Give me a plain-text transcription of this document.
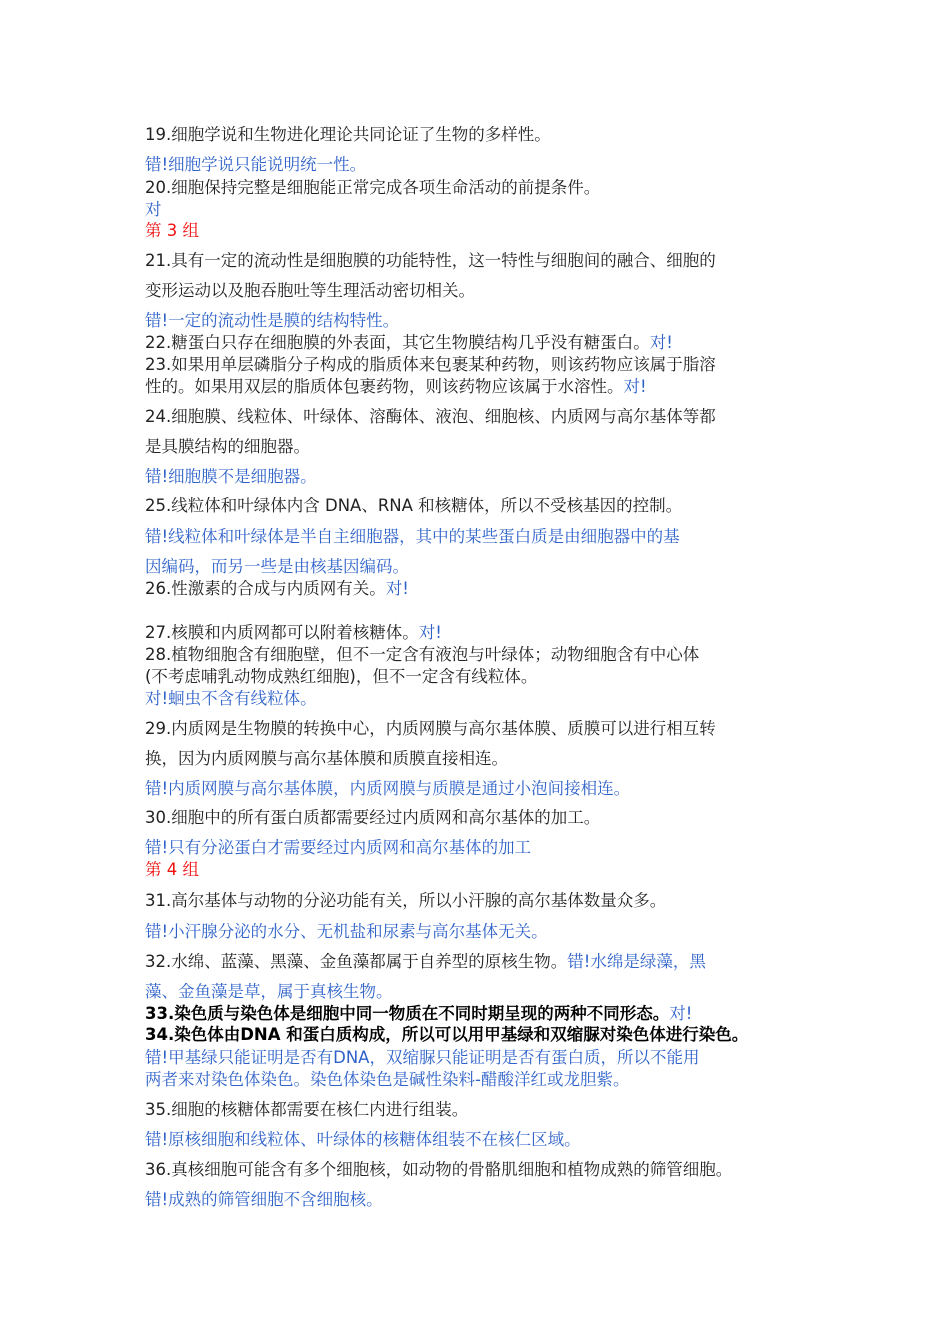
19.细胞学说和生物进化理论共同论证了生物的多样性。
错!细胞学说只能说明统一性。
20.细胞保持完整是细胞能正常完成各项生命活动的前提条件。
对
第 3 组
21.具有一定的流动性是细胞膜的功能特性，这一特性与细胞间的融合、细胞的
变形运动以及胞吞胞吐等生理活动密切相关。
错!一定的流动性是膜的结构特性。
22.糖蛋白只存在细胞膜的外表面，其它生物膜结构几乎没有糖蛋白。对!
23.如果用单层磷脂分子构成的脂质体来包裹某种药物，则该药物应该属于脂溶
性的。如果用双层的脂质体包裹药物，则该药物应该属于水溶性。对!
24.细胞膜、线粒体、叶绿体、溶酶体、液泡、细胞核、内质网与高尔基体等都
是具膜结构的细胞器。
错!细胞膜不是细胞器。
25.线粒体和叶绿体内含 DNA、RNA 和核糖体，所以不受核基因的控制。
错!线粒体和叶绿体是半自主细胞器，其中的某些蛋白质是由细胞器中的基
因编码，而另一些是由核基因编码。
26.性激素的合成与内质网有关。对!
27.核膜和内质网都可以附着核糖体。对!
28.植物细胞含有细胞壁，但不一定含有液泡与叶绿体；动物细胞含有中心体
(不考虑哺乳动物成熟红细胞)，但不一定含有线粒体。
对!蛔虫不含有线粒体。
29.内质网是生物膜的转换中心，内质网膜与高尔基体膜、质膜可以进行相互转
换，因为内质网膜与高尔基体膜和质膜直接相连。
错!内质网膜与高尔基体膜，内质网膜与质膜是通过小泡间接相连。
30.细胞中的所有蛋白质都需要经过内质网和高尔基体的加工。
错!只有分泌蛋白才需要经过内质网和高尔基体的加工
第 4 组
31.高尔基体与动物的分泌功能有关，所以小汗腺的高尔基体数量众多。
错!小汗腺分泌的水分、无机盐和尿素与高尔基体无关。
32.水绵、蓝藻、黑藻、金鱼藻都属于自养型的原核生物。错!水绵是绿藻，黑
藻、金鱼藻是草，属于真核生物。
33.染色质与染色体是细胞中同一物质在不同时期呈现的两种不同形态。对!
34.染色体由DNA 和蛋白质构成，所以可以用甲基绿和双缩脲对染色体进行染色。
错!甲基绿只能证明是否有DNA，双缩脲只能证明是否有蛋白质，所以不能用
两者来对染色体染色。染色体染色是碱性染料-醋酸洋红或龙胆紫。
35.细胞的核糖体都需要在核仁内进行组装。
错!原核细胞和线粒体、叶绿体的核糖体组装不在核仁区域。
36.真核细胞可能含有多个细胞核，如动物的骨骼肌细胞和植物成熟的筛管细胞。
错!成熟的筛管细胞不含细胞核。
